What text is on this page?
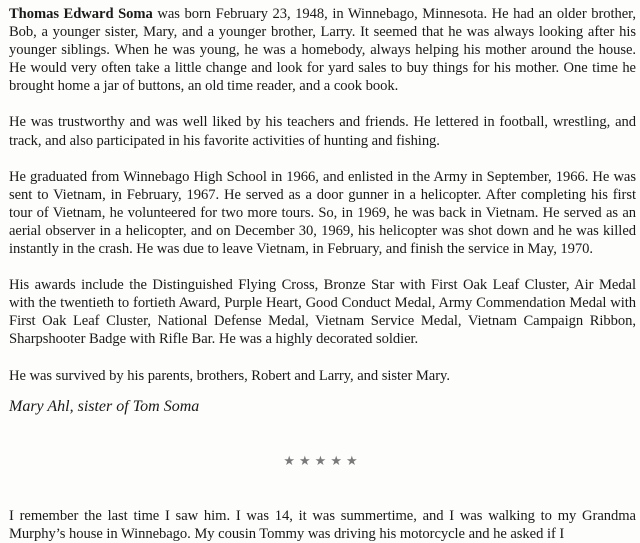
Thomas Edward Soma was born February 23, 1948, in Winnebago, Minnesota. He had an older brother, Bob, a younger sister, Mary, and a younger brother, Larry. It seemed that he was always looking after his younger siblings. When he was young, he was a homebody, always helping his mother around the house. He would very often take a little change and look for yard sales to buy things for his mother. One time he brought home a jar of buttons, an old time reader, and a cook book.

He was trustworthy and was well liked by his teachers and friends. He lettered in football, wrestling, and track, and also participated in his favorite activities of hunting and fishing.

He graduated from Winnebago High School in 1966, and enlisted in the Army in September, 1966. He was sent to Vietnam, in February, 1967. He served as a door gunner in a helicopter. After completing his first tour of Vietnam, he volunteered for two more tours. So, in 1969, he was back in Vietnam. He served as an aerial observer in a helicopter, and on December 30, 1969, his helicopter was shot down and he was killed instantly in the crash. He was due to leave Vietnam, in February, and finish the service in May, 1970.

His awards include the Distinguished Flying Cross, Bronze Star with First Oak Leaf Cluster, Air Medal with the twentieth to fortieth Award, Purple Heart, Good Conduct Medal, Army Commendation Medal with First Oak Leaf Cluster, National Defense Medal, Vietnam Service Medal, Vietnam Campaign Ribbon, Sharpshooter Badge with Rifle Bar. He was a highly decorated soldier.

He was survived by his parents, brothers, Robert and Larry, and sister Mary.

Mary Ahl, sister of Tom Soma
★★★★★

I remember the last time I saw him. I was 14, it was summertime, and I was walking to my Grandma Murphy’s house in Winnebago. My cousin Tommy was driving his motorcycle and he asked if I
